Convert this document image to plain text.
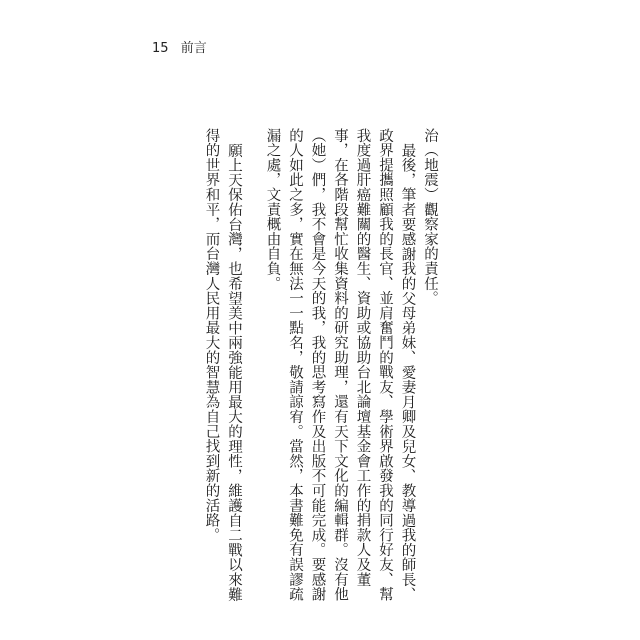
15 前言

治（地震）觀察家的責任。

最後，筆者要感謝我的父母弟妹、愛妻月卿及兒女、教導過我的師長、政界提攜照顧我的長官、並肩奮鬥的戰友、學術界啟發我的同行好友、幫我度過肝癌難關的醫生、資助或協助台北論壇基金會工作的捐款人及董事，在各階段幫忙收集資料的研究助理，還有天下文化的編輯群。沒有他（她）們，我不會是今天的我，我的思考寫作及出版不可能完成。要感謝的人如此之多，實在無法一一點名，敬請諒宥。當然，本書難免有誤謬疏漏之處，文責概由自負。

願上天保佑台灣，也希望美中兩強能用最大的理性，維護自二戰以來難得的世界和平，而台灣人民用最大的智慧為自己找到新的活路。
